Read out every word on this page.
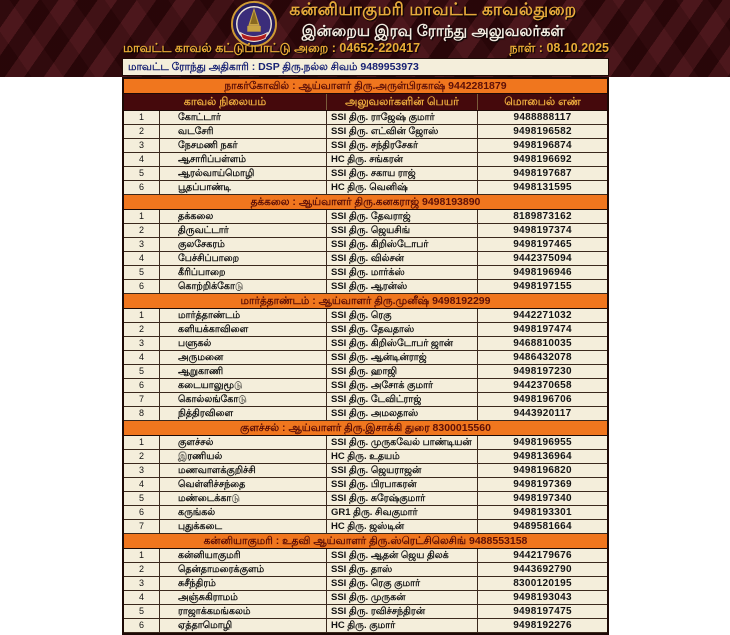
கன்னியாகுமரி மாவட்ட காவல்துறை
இன்றைய இரவு ரோந்து அலுவலர்கள்
மாவட்ட காவல் கட்டுப்பாட்டு அறை : 04652-220417	நாள் : 08.10.2025
மாவட்ட ரோந்து அதிகாரி : DSP திரு.நல்ல சிவம் 9489953973
நாகர்கோவில் : ஆய்வாளர் திரு.அருள்பிரகாஷ் 9442281879
காவல் நிலையம்	அலுவலர்களின் பெயர்	மொபைல் எண்
1	கோட்டார்	SSI திரு. ராஜேஷ் குமார்	9488888117
2	வடசேரி	SSI திரு. எட்வின் ஜோஸ்	9498196582
3	நேசமணி நகர்	SSI திரு. சந்திரசேகர்	9498196874
4	ஆசாரிப்பள்ளம்	HC திரு. சங்கரன்	9498196692
5	ஆரல்வாய்மொழி	SSI திரு. சகாய ராஜ்	9498197687
6	பூதப்பாண்டி	HC திரு. வெனிஷ்	9498131595
தக்கலை : ஆய்வாளர் திரு.கனகராஜ் 9498193890
1	தக்கலை	SSI திரு. தேவராஜ்	8189873162
2	திருவட்டார்	SSI திரு. ஜெயசிங்	9498197374
3	குலசேகரம்	SSI திரு. கிறிஸ்டோபர்	9498197465
4	பேச்சிப்பாறை	SSI திரு. வில்சன்	9442375094
5	கீரிப்பாறை	SSI திரு. மார்க்ஸ்	9498196946
6	கொற்றிக்கோடு	SSI திரு. ஆரன்ஸ்	9498197155
மார்த்தாண்டம் : ஆய்வாளர் திரு.முனீஷ் 9498192299
1	மார்த்தாண்டம்	SSI திரு. ரெகு	9442271032
2	களியக்காவிளை	SSI திரு. தேவதாஸ்	9498197474
3	பளுகல்	SSI திரு. கிறிஸ்டோபர் ஜான்	9468810035
4	அருமனை	SSI திரு. ஆன்டின்ராஜ்	9486432078
5	ஆறுகாணி	SSI திரு. ஹாஜி	9498197230
6	கடையாலுமூடு	SSI திரு. அசோக் குமார்	9442370658
7	கொல்லங்கோடு	SSI திரு. டேவிட்ராஜ்	9498196706
8	நித்திரவிளை	SSI திரு. அமலதாஸ்	9443920117
குளச்சல் : ஆய்வாளர் திரு.இசாக்கி துரை 8300015560
1	குளச்சல்	SSI திரு. முருகவேல் பாண்டியன்	9498196955
2	இரணியல்	HC திரு. உதயம்	9498136964
3	மணவாளக்குறிச்சி	SSI திரு. ஜெயராஜன்	9498196820
4	வெள்ளிச்சந்தை	SSI திரு. பிரபாகரன்	9498197369
5	மண்டைக்காடு	SSI திரு. சுரேஷ்குமார்	9498197340
6	கருங்கல்	GR1 திரு. சிவகுமார்	9498193301
7	புதுக்கடை	HC திரு. ஜஸ்டின்	9489581664
கன்னியாகுமரி : உதவி ஆய்வாளர் திரு.ஸ்ரெட்சிலெசிங் 9488553158
1	கன்னியாகுமரி	SSI திரு. ஆதன் ஜெய திலக்	9442179676
2	தென்தாமரைக்குளம்	SSI திரு. தாஸ்	9443692790
3	சுசீந்திரம்	SSI திரு. ரெகு குமார்	8300120195
4	அஞ்சுகிராமம்	SSI திரு. முருகன்	9498193043
5	ராஜாக்கமங்கலம்	SSI திரு. ரவிச்சந்திரன்	9498197475
6	ஏத்தாமொழி	HC திரு. குமார்	9498192276
